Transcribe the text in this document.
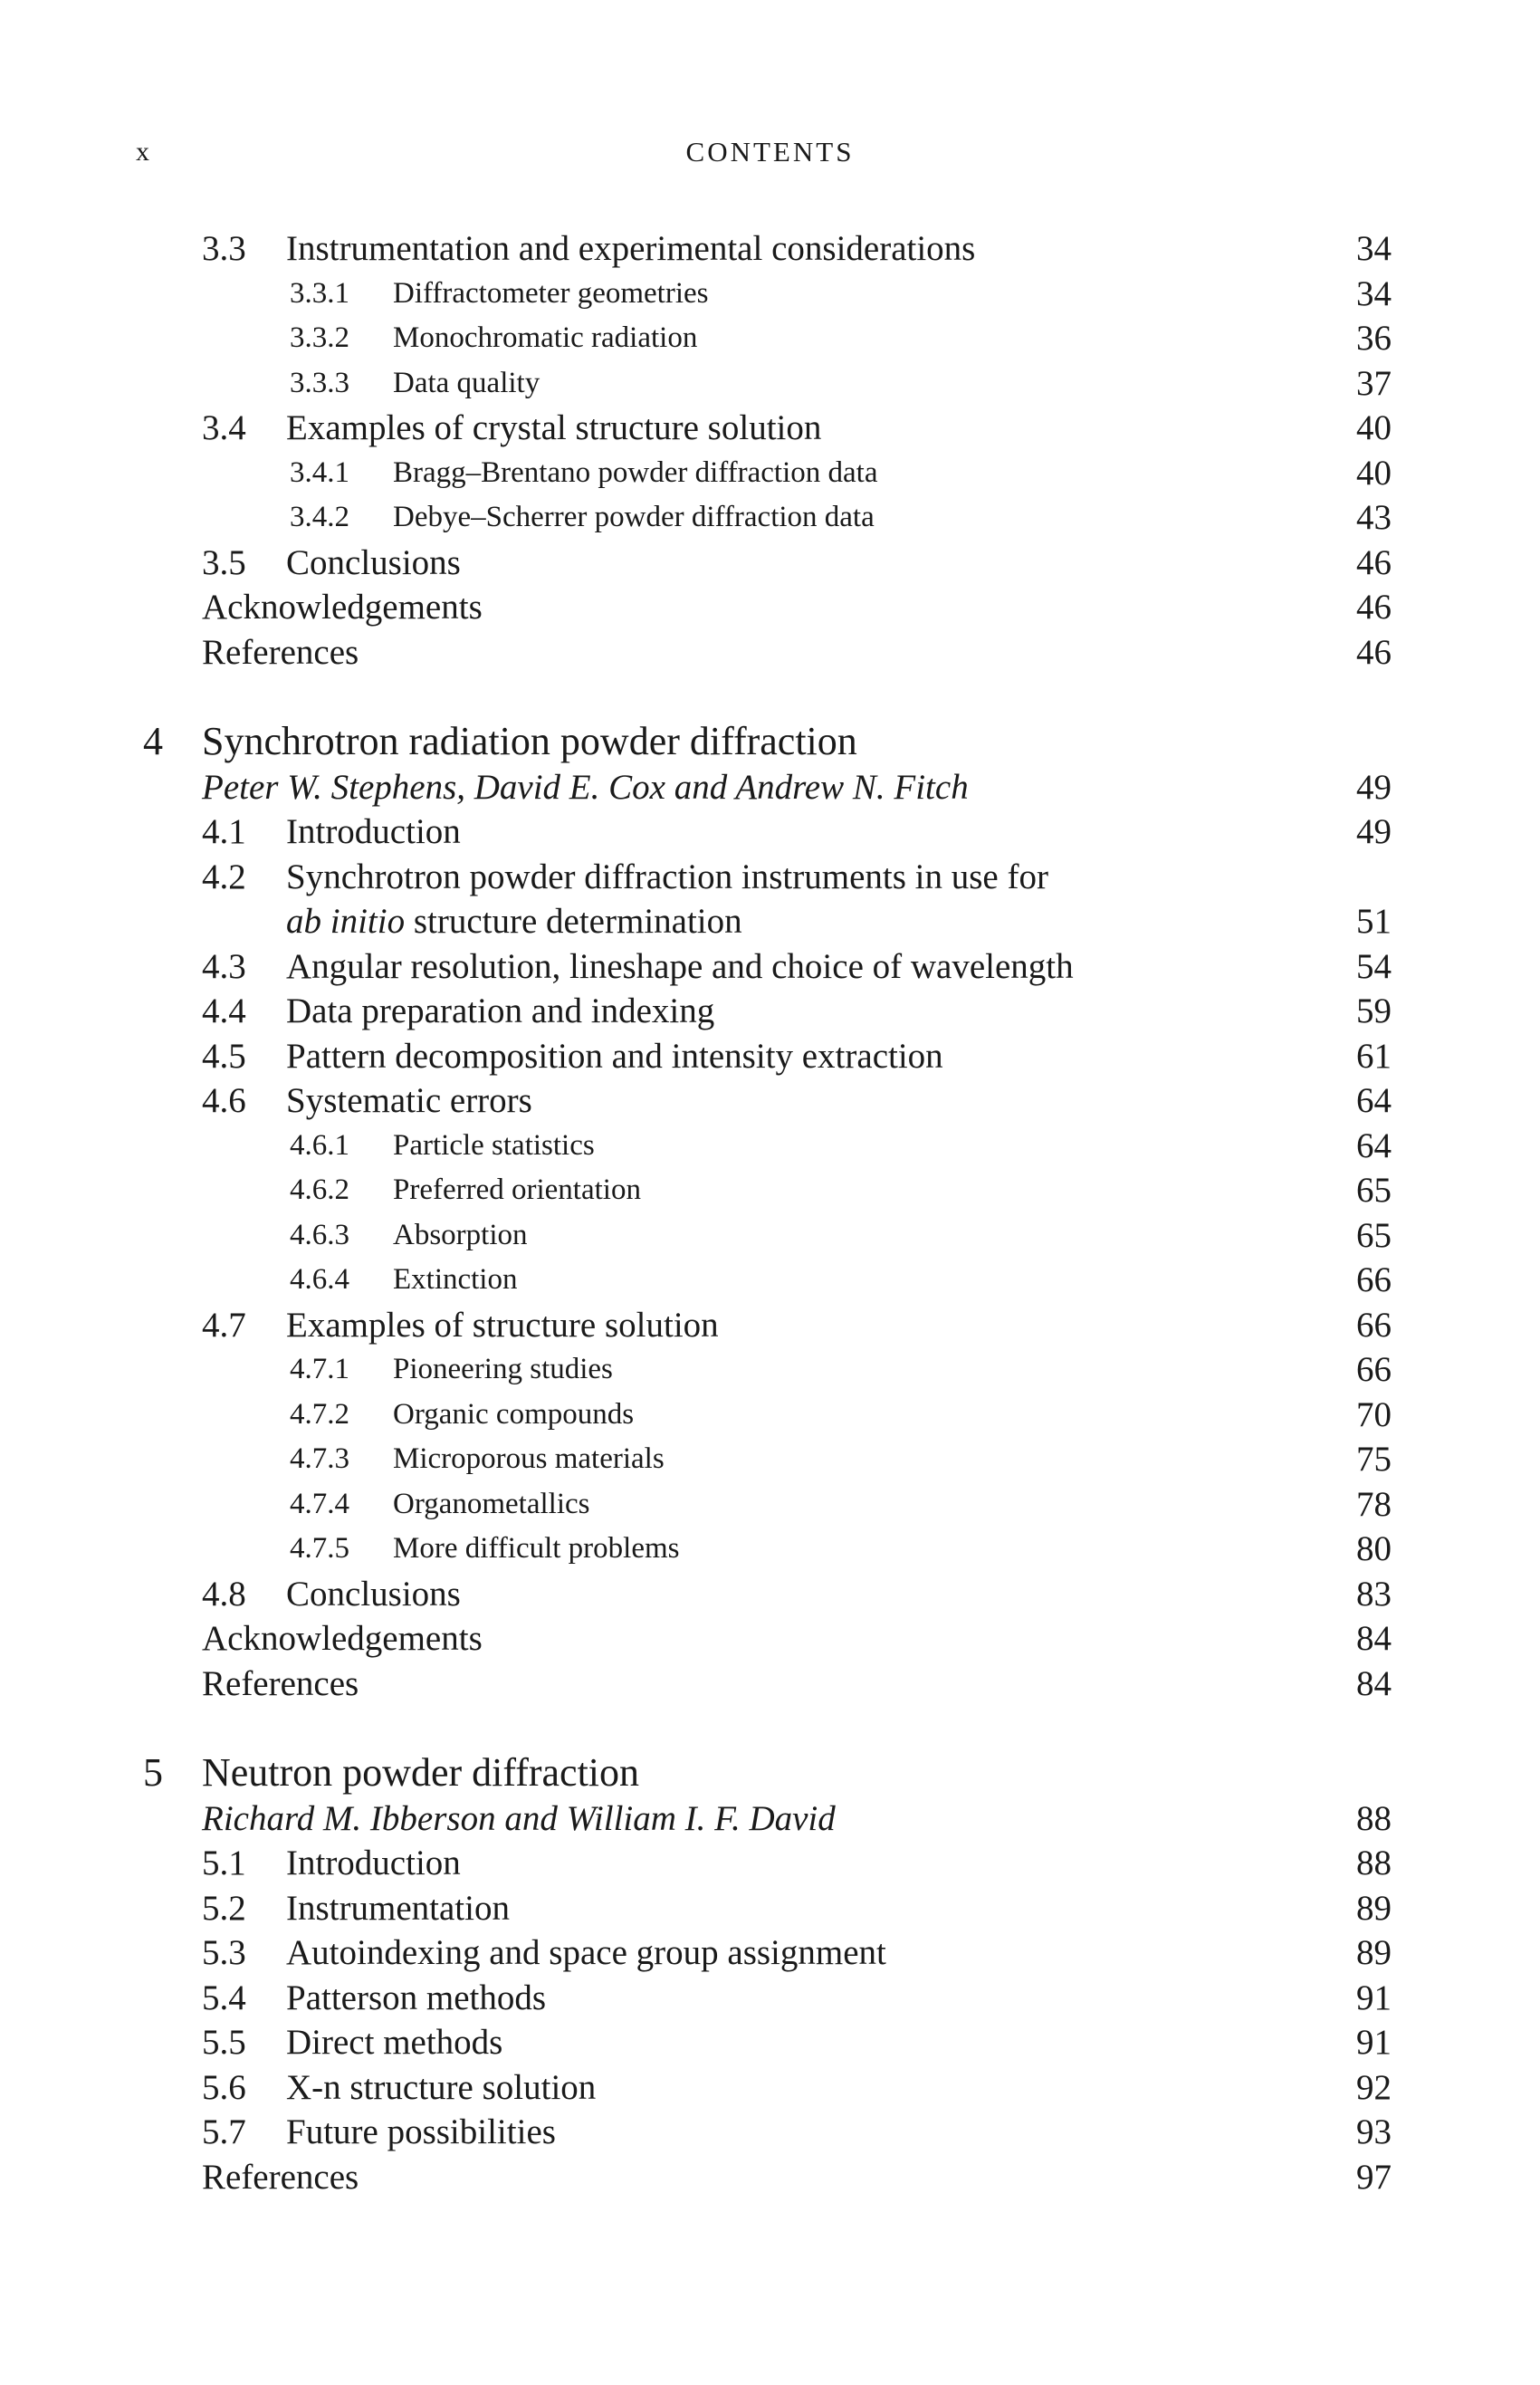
x	CONTENTS
3.3 Instrumentation and experimental considerations	34
3.3.1 Diffractometer geometries	34
3.3.2 Monochromatic radiation	36
3.3.3 Data quality	37
3.4 Examples of crystal structure solution	40
3.4.1 Bragg–Brentano powder diffraction data	40
3.4.2 Debye–Scherrer powder diffraction data	43
3.5 Conclusions	46
Acknowledgements	46
References	46
4 Synchrotron radiation powder diffraction
Peter W. Stephens, David E. Cox and Andrew N. Fitch	49
4.1 Introduction	49
4.2 Synchrotron powder diffraction instruments in use for
ab initio structure determination	51
4.3 Angular resolution, lineshape and choice of wavelength	54
4.4 Data preparation and indexing	59
4.5 Pattern decomposition and intensity extraction	61
4.6 Systematic errors	64
4.6.1 Particle statistics	64
4.6.2 Preferred orientation	65
4.6.3 Absorption	65
4.6.4 Extinction	66
4.7 Examples of structure solution	66
4.7.1 Pioneering studies	66
4.7.2 Organic compounds	70
4.7.3 Microporous materials	75
4.7.4 Organometallics	78
4.7.5 More difficult problems	80
4.8 Conclusions	83
Acknowledgements	84
References	84
5 Neutron powder diffraction
Richard M. Ibberson and William I. F. David	88
5.1 Introduction	88
5.2 Instrumentation	89
5.3 Autoindexing and space group assignment	89
5.4 Patterson methods	91
5.5 Direct methods	91
5.6 X-n structure solution	92
5.7 Future possibilities	93
References	97
